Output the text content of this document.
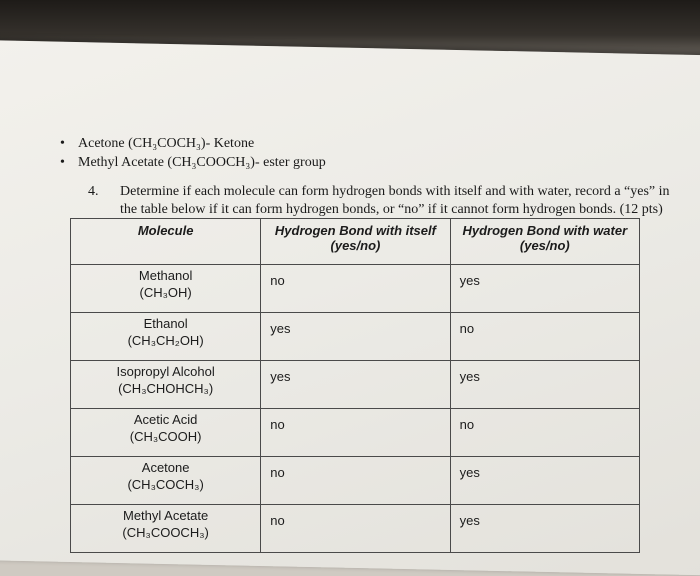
• Acetone (CH₃COCH₃)- Ketone
• Methyl Acetate (CH₃COOCH₃)- ester group
4. Determine if each molecule can form hydrogen bonds with itself and with water, record a “yes” in the table below if it can form hydrogen bonds, or “no” if it cannot form hydrogen bonds. (12 pts)
Molecule	Hydrogen Bond with itself (yes/no)	Hydrogen Bond with water (yes/no)

Methanol
(CH₃OH)	no	yes

Ethanol
(CH₃CH₂OH)	yes	no

Isopropyl Alcohol
(CH₃CHOHCH₃)	yes	yes

Acetic Acid
(CH₃COOH)	no	no

Acetone
(CH₃COCH₃)	no	yes

Methyl Acetate
(CH₃COOCH₃)	no	yes
